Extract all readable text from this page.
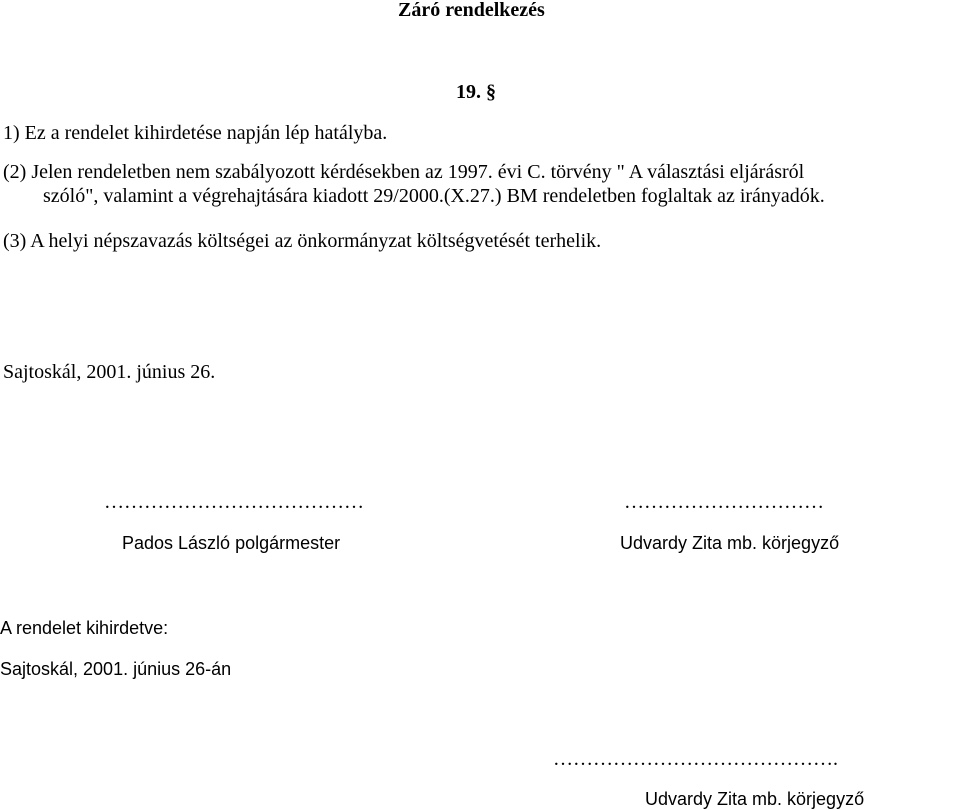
Záró rendelkezés

19. §

1) Ez a rendelet kihirdetése napján lép hatályba.

(2) Jelen rendeletben nem szabályozott kérdésekben az 1997. évi C. törvény " A választási eljárásról
szóló", valamint a végrehajtására kiadott 29/2000.(X.27.) BM rendeletben foglaltak az irányadók.

(3) A helyi népszavazás költségei az önkormányzat költségvetését terhelik.

Sajtoskál, 2001. június 26.

…………………………………

Pados László polgármester

…………………………

Udvardy Zita mb. körjegyző

A rendelet kihirdetve:

Sajtoskál, 2001. június 26-án

…………………………………….

Udvardy Zita mb. körjegyző
